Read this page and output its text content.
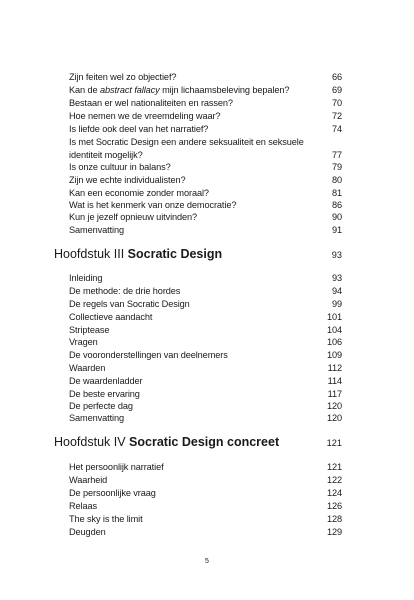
Zijn feiten wel zo objectief?	66
Kan de abstract fallacy mijn lichaamsbeleving bepalen?	69
Bestaan er wel nationaliteiten en rassen?	70
Hoe nemen we de vreemdeling waar?	72
Is liefde ook deel van het narratief?	74
Is met Socratic Design een andere seksualiteit en seksuele identiteit mogelijk?	77
Is onze cultuur in balans?	79
Zijn we echte individualisten?	80
Kan een economie zonder moraal?	81
Wat is het kenmerk van onze democratie?	86
Kun je jezelf opnieuw uitvinden?	90
Samenvatting	91
Hoofdstuk III Socratic Design	93
Inleiding	93
De methode: de drie hordes	94
De regels van Socratic Design	99
Collectieve aandacht	101
Striptease	104
Vragen	106
De vooronderstellingen van deelnemers	109
Waarden	112
De waardenladder	114
De beste ervaring	117
De perfecte dag	120
Samenvatting	120
Hoofdstuk IV Socratic Design concreet	121
Het persoonlijk narratief	121
Waarheid	122
De persoonlijke vraag	124
Relaas	126
The sky is the limit	128
Deugden	129
5
